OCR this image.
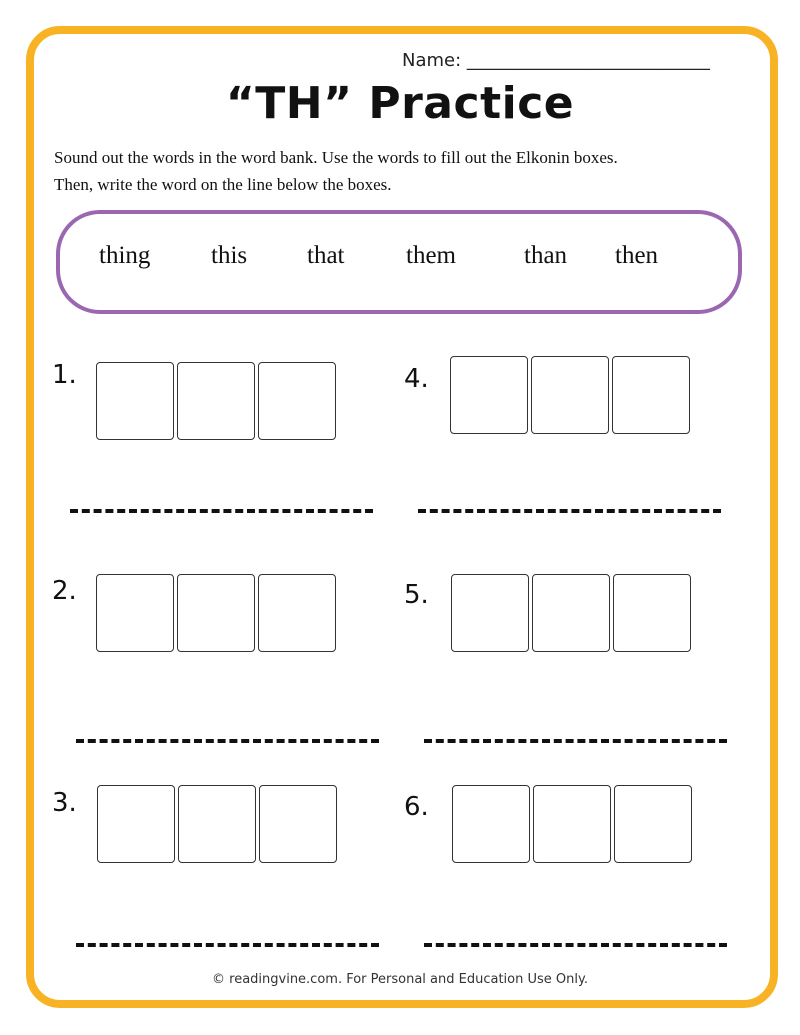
Name: ___________________________
“TH” Practice
Sound out the words in the word bank. Use the words to fill out the Elkonin boxes.
Then, write the word on the line below the boxes.
thing this that them	than then
1.	4.
2.	5.
3.	6.
© readingvine.com. For Personal and Education Use Only.
